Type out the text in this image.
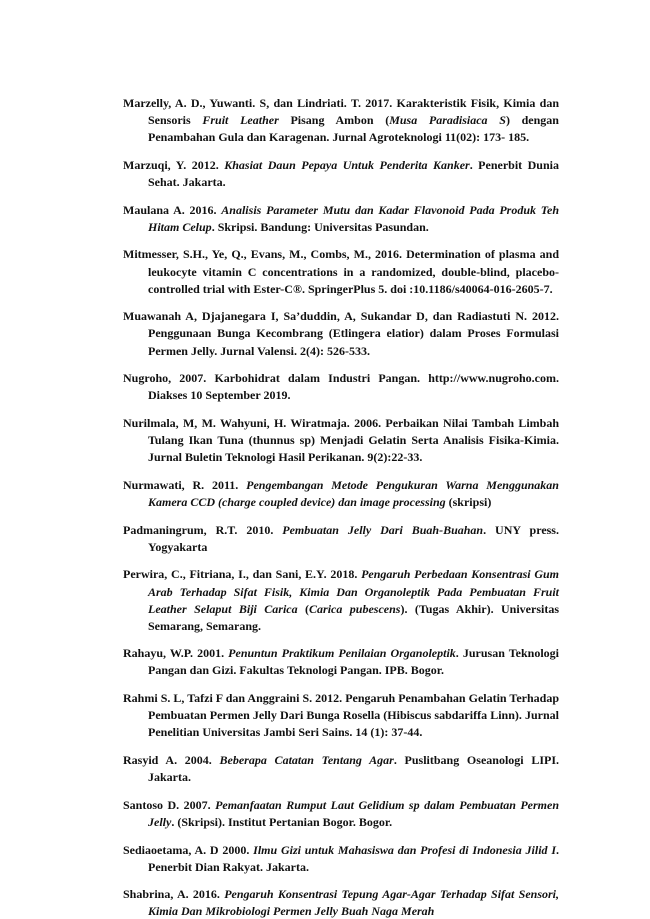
Marzelly, A. D., Yuwanti. S, dan Lindriati. T. 2017. Karakteristik Fisik, Kimia dan Sensoris Fruit Leather Pisang Ambon (Musa Paradisiaca S) dengan Penambahan Gula dan Karagenan. Jurnal Agroteknologi 11(02): 173- 185.

Marzuqi, Y. 2012. Khasiat Daun Pepaya Untuk Penderita Kanker. Penerbit Dunia Sehat. Jakarta.

Maulana A. 2016. Analisis Parameter Mutu dan Kadar Flavonoid Pada Produk Teh Hitam Celup. Skripsi. Bandung: Universitas Pasundan.

Mitmesser, S.H., Ye, Q., Evans, M., Combs, M., 2016. Determination of plasma and leukocyte vitamin C concentrations in a randomized, double-blind, placebo-controlled trial with Ester-C®. SpringerPlus 5. doi :10.1186/s40064-016-2605-7.

Muawanah A, Djajanegara I, Sa’duddin, A, Sukandar D, dan Radiastuti N. 2012. Penggunaan Bunga Kecombrang (Etlingera elatior) dalam Proses Formulasi Permen Jelly. Jurnal Valensi. 2(4): 526-533.

Nugroho, 2007. Karbohidrat dalam Industri Pangan. http://www.nugroho.com. Diakses 10 September 2019.

Nurilmala, M, M. Wahyuni, H. Wiratmaja. 2006. Perbaikan Nilai Tambah Limbah Tulang Ikan Tuna (thunnus sp) Menjadi Gelatin Serta Analisis Fisika-Kimia. Jurnal Buletin Teknologi Hasil Perikanan. 9(2):22-33.

Nurmawati, R. 2011. Pengembangan Metode Pengukuran Warna Menggunakan Kamera CCD (charge coupled device) dan image processing (skripsi)

Padmaningrum, R.T. 2010. Pembuatan Jelly Dari Buah-Buahan. UNY press. Yogyakarta

Perwira, C., Fitriana, I., dan Sani, E.Y. 2018. Pengaruh Perbedaan Konsentrasi Gum Arab Terhadap Sifat Fisik, Kimia Dan Organoleptik Pada Pembuatan Fruit Leather Selaput Biji Carica (Carica pubescens). (Tugas Akhir). Universitas Semarang, Semarang.

Rahayu, W.P. 2001. Penuntun Praktikum Penilaian Organoleptik. Jurusan Teknologi Pangan dan Gizi. Fakultas Teknologi Pangan. IPB. Bogor.

Rahmi S. L, Tafzi F dan Anggraini S. 2012. Pengaruh Penambahan Gelatin Terhadap Pembuatan Permen Jelly Dari Bunga Rosella (Hibiscus sabdariffa Linn). Jurnal Penelitian Universitas Jambi Seri Sains. 14 (1): 37-44.

Rasyid A. 2004. Beberapa Catatan Tentang Agar. Puslitbang Oseanologi LIPI. Jakarta.

Santoso D. 2007. Pemanfaatan Rumput Laut Gelidium sp dalam Pembuatan Permen Jelly. (Skripsi). Institut Pertanian Bogor. Bogor.

Sediaoetama, A. D 2000. Ilmu Gizi untuk Mahasiswa dan Profesi di Indonesia Jilid I. Penerbit Dian Rakyat. Jakarta.

Shabrina, A. 2016. Pengaruh Konsentrasi Tepung Agar-Agar Terhadap Sifat Sensori, Kimia Dan Mikrobiologi Permen Jelly Buah Naga Merah
